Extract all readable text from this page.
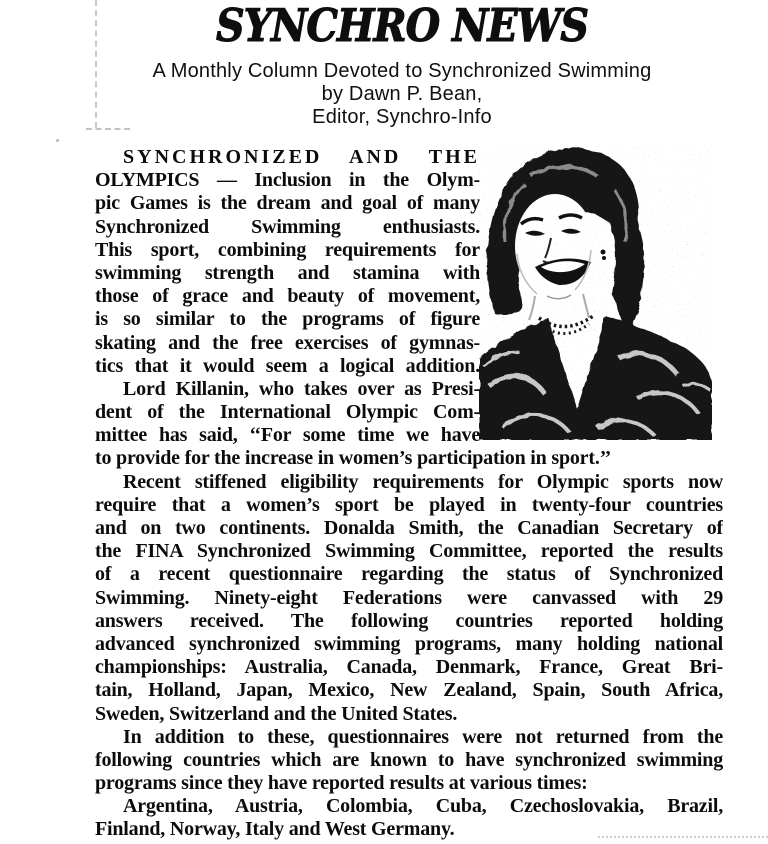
SYNCHRO NEWS
A Monthly Column Devoted to Synchronized Swimming
by Dawn P. Bean,
Editor, Synchro-Info
SYNCHRONIZED AND THE
OLYMPICS — Inclusion in the Olym-
pic Games is the dream and goal of many
Synchronized Swimming enthusiasts.
This sport, combining requirements for
swimming strength and stamina with
those of grace and beauty of movement,
is so similar to the programs of figure
skating and the free exercises of gymnas-
tics that it would seem a logical addition.
Lord Killanin, who takes over as Presi-
dent of the International Olympic Com-
mittee has said, ‘‘For some time we have
to provide for the increase in women’s participation in sport.’’
Recent stiffened eligibility requirements for Olympic sports now
require that a women’s sport be played in twenty-four countries
and on two continents. Donalda Smith, the Canadian Secretary of
the FINA Synchronized Swimming Committee, reported the results
of a recent questionnaire regarding the status of Synchronized
Swimming. Ninety-eight Federations were canvassed with 29
answers received. The following countries reported holding
advanced synchronized swimming programs, many holding national
championships: Australia, Canada, Denmark, France, Great Bri-
tain, Holland, Japan, Mexico, New Zealand, Spain, South Africa,
Sweden, Switzerland and the United States.
In addition to these, questionnaires were not returned from the
following countries which are known to have synchronized swimming
programs since they have reported results at various times:
Argentina, Austria, Colombia, Cuba, Czechoslovakia, Brazil,
Finland, Norway, Italy and West Germany.
